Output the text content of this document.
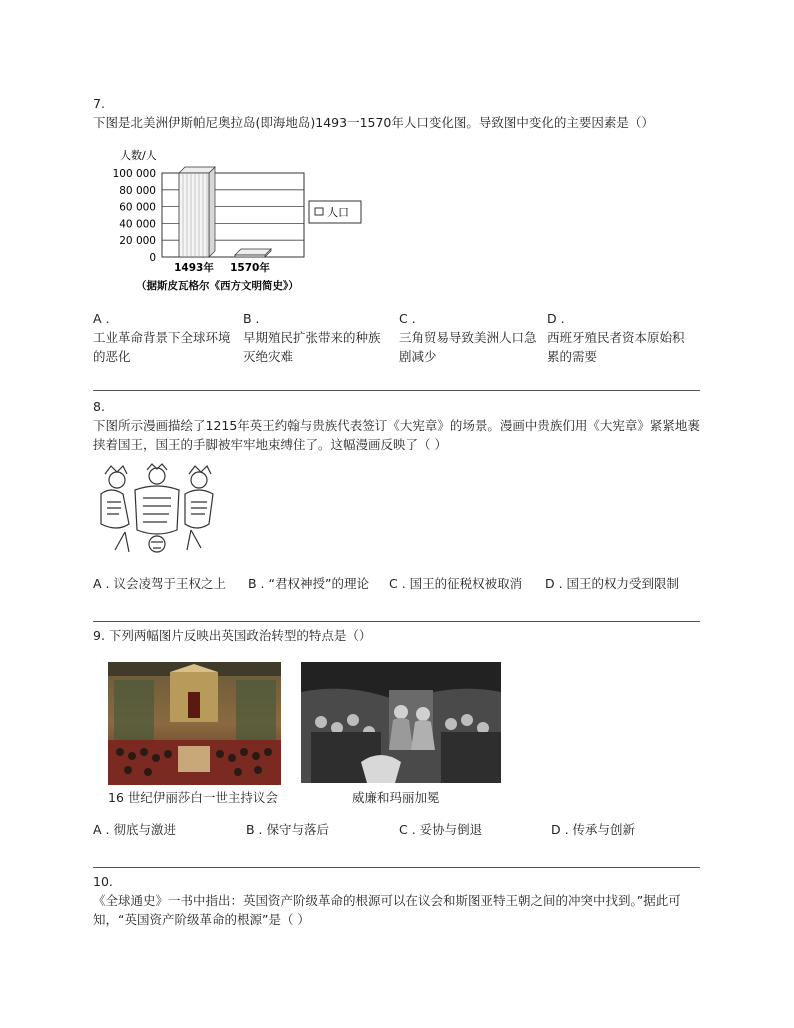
7.
下图是北美洲伊斯帕尼奥拉岛(即海地岛)1493一1570年人口变化图。导致图中变化的主要因素是（）
人数/人
0
20 000
40 000
60 000
80 000
100 000
1493年 1570年
人口
（据斯皮瓦格尔《西方文明简史》）
A .
工业革命背景下全球环境的恶化
B .
早期殖民扩张带来的种族灭绝灾难
C .
三角贸易导致美洲人口急剧减少
D .
西班牙殖民者资本原始积累的需要
8.
下图所示漫画描绘了1215年英王约翰与贵族代表签订《大宪章》的场景。漫画中贵族们用《大宪章》紧紧地裹挟着国王，国王的手脚被牢牢地束缚住了。这幅漫画反映了（ ）
A . 议会凌驾于王权之上 B . “君权神授”的理论 C . 国王的征税权被取消 D . 国王的权力受到限制
9. 下列两幅图片反映出英国政治转型的特点是（）
16 世纪伊丽莎白一世主持议会	威廉和玛丽加冕
A . 彻底与激进	B . 保守与落后	C . 妥协与倒退	D . 传承与创新
10.
《全球通史》一书中指出：英国资产阶级革命的根源可以在议会和斯图亚特王朝之间的冲突中找到。”据此可知，“英国资产阶级革命的根源”是（ ）
